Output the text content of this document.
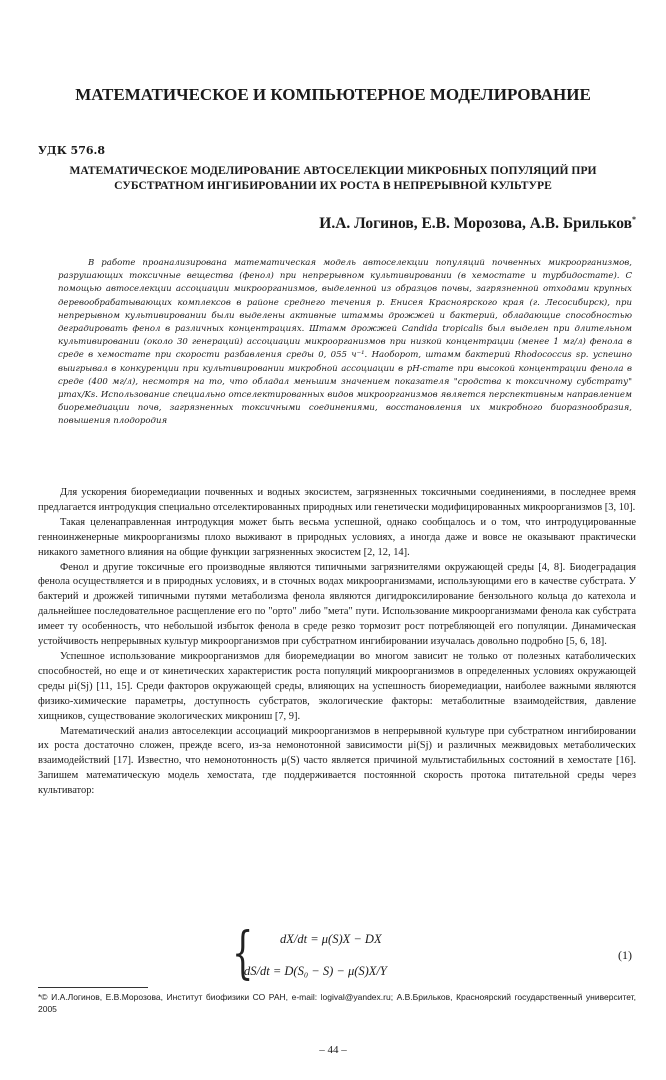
МАТЕМАТИЧЕСКОЕ И КОМПЬЮТЕРНОЕ МОДЕЛИРОВАНИЕ
УДК 576.8
МАТЕМАТИЧЕСКОЕ МОДЕЛИРОВАНИЕ АВТОСЕЛЕКЦИИ МИКРОБНЫХ ПОПУЛЯЦИЙ ПРИ СУБСТРАТНОМ ИНГИБИРОВАНИИ ИХ РОСТА В НЕПРЕРЫВНОЙ КУЛЬТУРЕ
И.А. Логинов, Е.В. Морозова, А.В. Брильков*
В работе проанализирована математическая модель автоселекции популяций почвенных микроорганизмов, разрушающих токсичные вещества (фенол) при непрерывном культивировании (в хемостате и турбидостате). С помощью автоселекции ассоциации микроорганизмов, выделенной из образцов почвы, загрязненной отходами крупных деревообрабатывающих комплексов в районе среднего течения р. Енисея Красноярского края (г. Лесосибирск), при непрерывном культивировании были выделены активные штаммы дрожжей и бактерий, обладающие способностью деградировать фенол в различных концентрациях. Штамм дрожжей Candida tropicalis был выделен при длительном культивировании (около 30 генераций) ассоциации микроорганизмов при низкой концентрации (менее 1 мг/л) фенола в среде в хемостате при скорости разбавления среды 0, 055 ч⁻¹. Наоборот, штамм бактерий Rhodococcus sp. успешно выигрывал в конкуренции при культивировании микробной ассоциации в pH-стате при высокой концентрации фенола в среде (400 мг/л), несмотря на то, что обладал меньшим значением показателя "сродства к токсичному субстрату" μmax/Ks. Использование специально отселектированных видов микроорганизмов является перспективным направлением биоремедиации почв, загрязненных токсичными соединениями, восстановления их микробного биоразнообразия, повышения плодородия

Для ускорения биоремедиации почвенных и водных экосистем, загрязненных токсичными соединениями, в последнее время предлагается интродукция специально отселектированных природных или генетически модифицированных микроорганизмов [3, 10].

Такая целенаправленная интродукция может быть весьма успешной, однако сообщалось и о том, что интродуцированные генноинженерные микроорганизмы плохо выживают в природных условиях, а иногда даже и вовсе не оказывают практически никакого заметного влияния на общие функции загрязненных экосистем [2, 12, 14].

Фенол и другие токсичные его производные являются типичными загрязнителями окружающей среды [4, 8]. Биодеградация фенола осуществляется и в природных условиях, и в сточных водах микроорганизмами, использующими его в качестве субстрата. У бактерий и дрожжей типичными путями метаболизма фенола являются дигидроксилирование бензольного кольца до катехола и дальнейшее последовательное расщепление его по "орто" либо "мета" пути. Использование микроорганизмами фенола как субстрата имеет ту особенность, что небольшой избыток фенола в среде резко тормозит рост потребляющей его популяции. Динамическая устойчивость непрерывных культур микроорганизмов при субстратном ингибировании изучалась довольно подробно [5, 6, 18].

Успешное использование микроорганизмов для биоремедиации во многом зависит не только от полезных катаболических способностей, но еще и от кинетических характеристик роста популяций микроорганизмов в определенных условиях окружающей среды μi(Sj) [11, 15]. Среди факторов окружающей среды, влияющих на успешность биоремедиации, наиболее важными являются физико-химические параметры, доступность субстратов, экологические факторы: метаболитные взаимодействия, давление хищников, существование экологических микрониш [7, 9].

Математический анализ автоселекции ассоциаций микроорганизмов в непрерывной культуре при субстратном ингибировании их роста достаточно сложен, прежде всего, из-за немонотонной зависимости μi(Sj) и различных межвидовых метаболических взаимодействий [17]. Известно, что немонотонность μ(S) часто является причиной мультистабильных состояний в хемостате [16]. Запишем математическую модель хемостата, где поддерживается постоянной скорость протока питательной среды через культиватор:

{ dX/dt = μ(S)X − DX
dS/dt = D(S₀ − S) − μ(S)X/Y
(1)
*© И.А.Логинов, Е.В.Морозова, Институт биофизики СО РАН, e-mail: logival@yandex.ru; А.В.Брильков, Красноярский государственный университет, 2005
– 44 –
